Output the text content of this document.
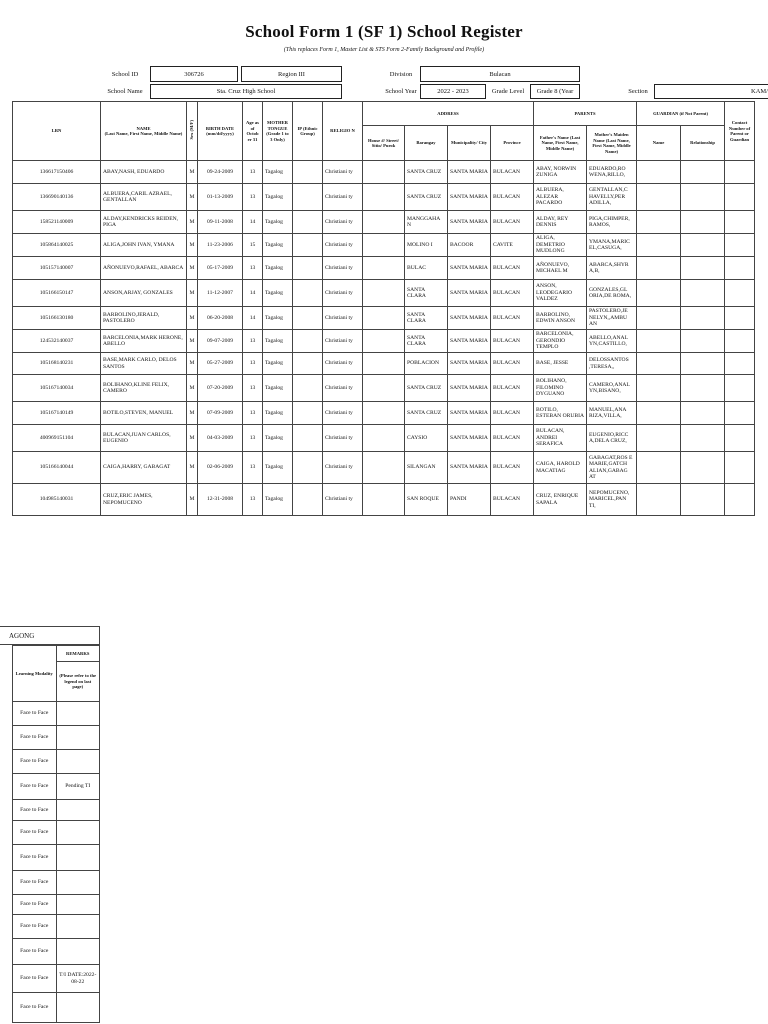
School Form 1 (SF 1) School Register
(This replaces Form 1, Master List & STS Form 2-Family Background and Profile)
School ID	306726	Region III	Division	Bulacan
School Name	Sta. Cruz High School	School Year	2022 - 2023	Grade Level	Grade 8 (Year	Section	KAM/
LRN	NAME
(Last Name, First Name, Middle Name)	Sex (M/F)	BIRTH DATE (mm/dd/yyyy)	Age as of Octob er 31	MOTHER TONGUE (Grade 1 to 3 Only)	IP (Ethnic Group)	RELIGIO N	ADDRESS				PARENTS		GUARDIAN (if Not Parent)		Contact Number of Parent or Guardian
								House #/ Street/ Sitio/ Purok	Barangay	Municipality/ City	Province	Father's Name (Last Name, First Name, Middle Name)	Mother's Maiden Name (Last Name, First Name, Middle Name)	Name	Relationship	
136617150406	ABAY,NASH, EDUARDO	M	09-24-2009	13	Tagalog		Christiani ty		SANTA CRUZ	SANTA MARIA	BULACAN	ABAY, NORWIN ZUNIGA	EDUARDO,RO WENA,RILLO,			
136690140136	ALBUERA,CARIL AZRAEL, GENTALLAN	M	01-13-2009	13	Tagalog		Christiani ty		SANTA CRUZ	SANTA MARIA	BULACAN	ALBUERA, ALEZAR PACARDO	GENTALLAN,C HAVELLY,PER ADILLA,			
158521140009	ALDAY,KENDRICKS REIDEN, PIGA	M	09-11-2008	14	Tagalog		Christiani ty		MANGGAHA N	SANTA MARIA	BULACAN	ALDAY, REY DENNIS	PIGA,CHIMPER, RAMOS,			
105864140025	ALIGA,JOHN IVAN, YMANA	M	11-23-2006	15	Tagalog		Christiani ty		MOLINO I	BACOOR	CAVITE	ALIGA, DEMETRIO MUDLONG	YMANA,MARIC EL,CASUGA,			
105157140007	AÑONUEVO,RAFAEL, ABARCA	M	05-17-2009	13	Tagalog		Christiani ty		BULAC	SANTA MARIA	BULACAN	AÑONUEVO, MICHAEL M	ABARCA,SHYR A,B,			
105166150147	ANSON,ARJAY, GONZALES	M	11-12-2007	14	Tagalog		Christiani ty		SANTA CLARA	SANTA MARIA	BULACAN	ANSON, LEODEGARIO VALDEZ	GONZALES,GL ORIA,DE ROMA,			
105166130180	BARBOLINO,JERALD, PASTOLERO	M	06-20-2008	14	Tagalog		Christiani ty		SANTA CLARA	SANTA MARIA	BULACAN	BARBOLINO, EDWIN ANSON	PASTOLERO,JE NELYN,,AMBU AN			
124532140037	BARCELONIA,MARK HERONE, ABELLO	M	09-07-2009	13	Tagalog		Christiani ty		SANTA CLARA	SANTA MARIA	BULACAN	BARCELONIA, GERONDIO TEMPLO	ABELLO,ANAL YN,CASTILLO,			
105168140231	BASE,MARK CARLO, DELOS SANTOS	M	05-27-2009	13	Tagalog		Christiani ty		POBLACION	SANTA MARIA	BULACAN	BASE, JESSE	DELOSSANTOS ,TERESA,,			
105167140034	BOLIHANO,KLINE FELIX, CAMERO	M	07-20-2009	13	Tagalog		Christiani ty		SANTA CRUZ	SANTA MARIA	BULACAN	BOLIHANO, FILOMINO DYGUANO	CAMERO,ANAL YN,BISANO,			
105167140149	BOTILO,STEVEN, MANUEL	M	07-09-2009	13	Tagalog		Christiani ty		SANTA CRUZ	SANTA MARIA	BULACAN	BOTILO, ESTEBAN ORUBIA	MANUEL,ANA RIZA,VILLA,			
400969151104	BULACAN,JUAN CARLOS, EUGENIO	M	04-03-2009	13	Tagalog		Christiani ty		CAYSIO	SANTA MARIA	BULACAN	BULACAN, ANDREI SERAFICA	EUGENIO,RICC A,DELA CRUZ,			
105166140044	CAIGA,HARRY, GABAGAT	M	02-06-2009	13	Tagalog		Christiani ty		SILANGAN	SANTA MARIA	BULACAN	CAIGA, HAROLD MACATIAG	GABAGAT,ROS E MARIE,GATCH ALIAN,GABAG AT			
104985140031	CRUZ,ERIC JAMES, NEPOMUCENO	M	12-31-2008	13	Tagalog		Christiani ty		SAN ROQUE	PANDI	BULACAN	CRUZ, ENRIQUE SAPALA	NEPOMUCENO, MARICEL,PAN TI,			
AGONG
Learning Modality	REMARKS
	(Please refer to the legend on last page)
Face to Face	
Face to Face	
Face to Face	
Face to Face	Pending TI
Face to Face	
Face to Face	
Face to Face	
Face to Face	
Face to Face	
Face to Face	
Face to Face	
Face to Face	T/I DATE:2022-08-22
Face to Face	
